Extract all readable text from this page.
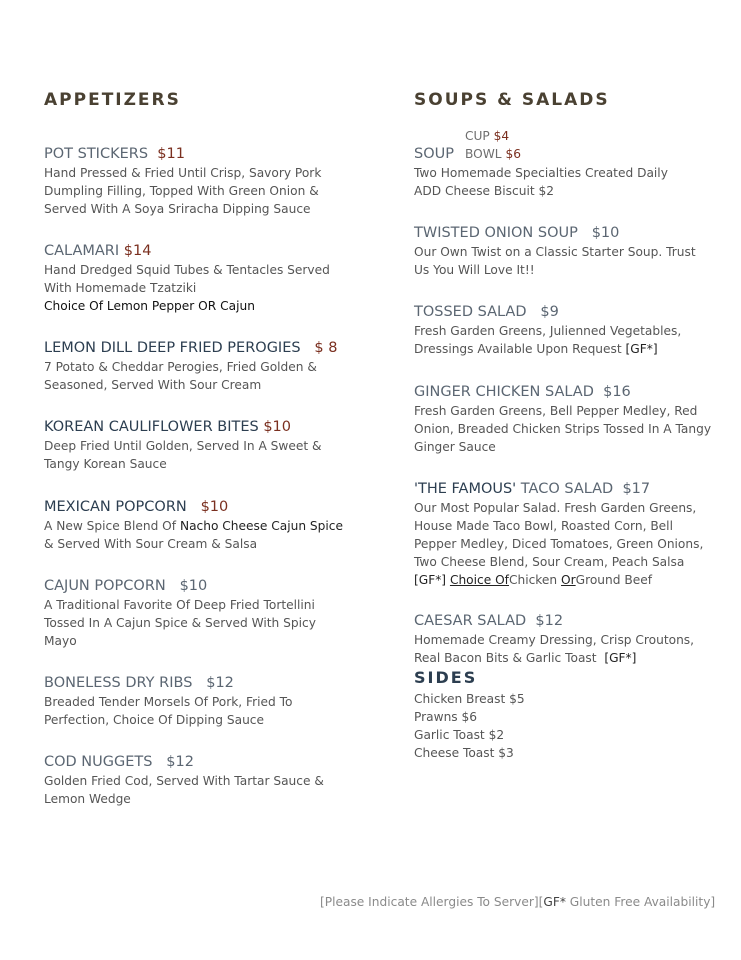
APPETIZERS
POT STICKERS $11
Hand Pressed & Fried Until Crisp, Savory Pork Dumpling Filling, Topped With Green Onion & Served With A Soya Sriracha Dipping Sauce
CALAMARI $14
Hand Dredged Squid Tubes & Tentacles Served With Homemade Tzatziki
Choice Of Lemon Pepper OR Cajun
LEMON DILL DEEP FRIED PEROGIES $ 8
7 Potato & Cheddar Perogies, Fried Golden & Seasoned, Served With Sour Cream
KOREAN CAULIFLOWER BITES $10
Deep Fried Until Golden, Served In A Sweet & Tangy Korean Sauce
MEXICAN POPCORN $10
A New Spice Blend Of Nacho Cheese Cajun Spice
& Served With Sour Cream & Salsa
CAJUN POPCORN $10
A Traditional Favorite Of Deep Fried Tortellini Tossed In A Cajun Spice & Served With Spicy Mayo
BONELESS DRY RIBS $12
Breaded Tender Morsels Of Pork, Fried To Perfection, Choice Of Dipping Sauce
COD NUGGETS $12
Golden Fried Cod, Served With Tartar Sauce & Lemon Wedge
SOUPS & SALADS
CUP $4
BOWL $6
SOUP
Two Homemade Specialties Created Daily
ADD Cheese Biscuit $2
TWISTED ONION SOUP $10
Our Own Twist on a Classic Starter Soup. Trust Us You Will Love It!!
TOSSED SALAD $9
Fresh Garden Greens, Julienned Vegetables, Dressings Available Upon Request [GF*]
GINGER CHICKEN SALAD $16
Fresh Garden Greens, Bell Pepper Medley, Red Onion, Breaded Chicken Strips Tossed In A Tangy Ginger Sauce
'THE FAMOUS' TACO SALAD $17
Our Most Popular Salad. Fresh Garden Greens, House Made Taco Bowl, Roasted Corn, Bell Pepper Medley, Diced Tomatoes, Green Onions, Two Cheese Blend, Sour Cream, Peach Salsa
[GF*] Choice OfChicken OrGround Beef
CAESAR SALAD $12
Homemade Creamy Dressing, Crisp Croutons, Real Bacon Bits & Garlic Toast [GF*]
SIDES
Chicken Breast $5
Prawns $6
Garlic Toast $2
Cheese Toast $3
[Please Indicate Allergies To Server][GF* Gluten Free Availability]
